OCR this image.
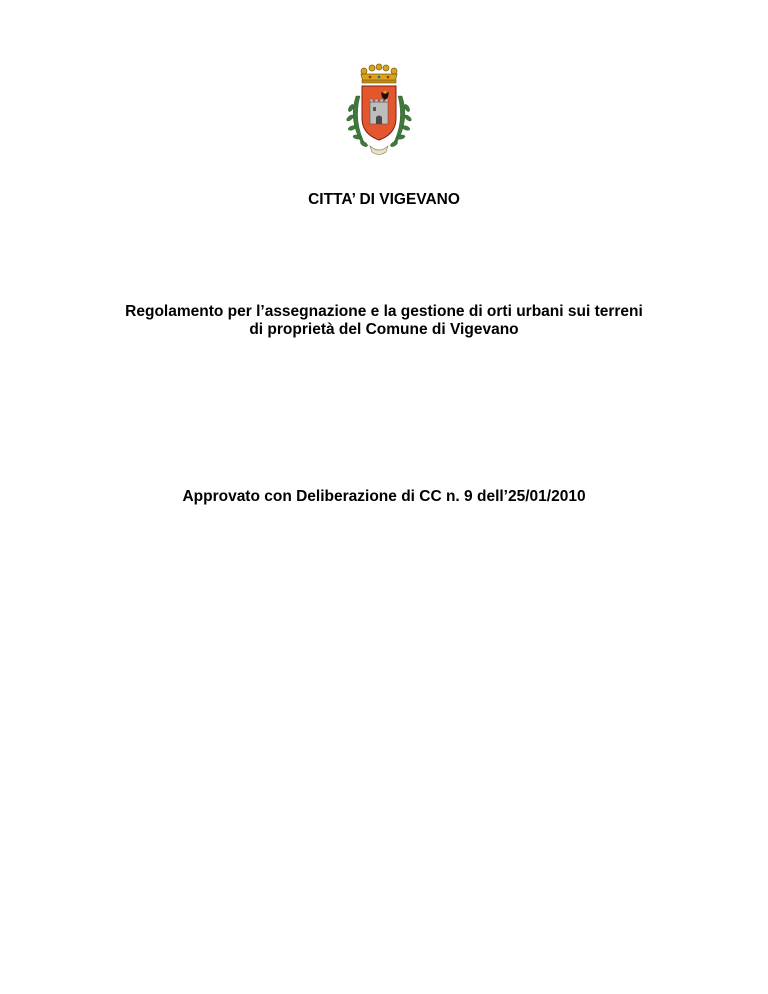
CITTA’ DI VIGEVANO
Regolamento per l’assegnazione e la gestione di orti urbani sui terreni
di proprietà del Comune di Vigevano
Approvato con Deliberazione di CC n. 9 dell’25/01/2010
